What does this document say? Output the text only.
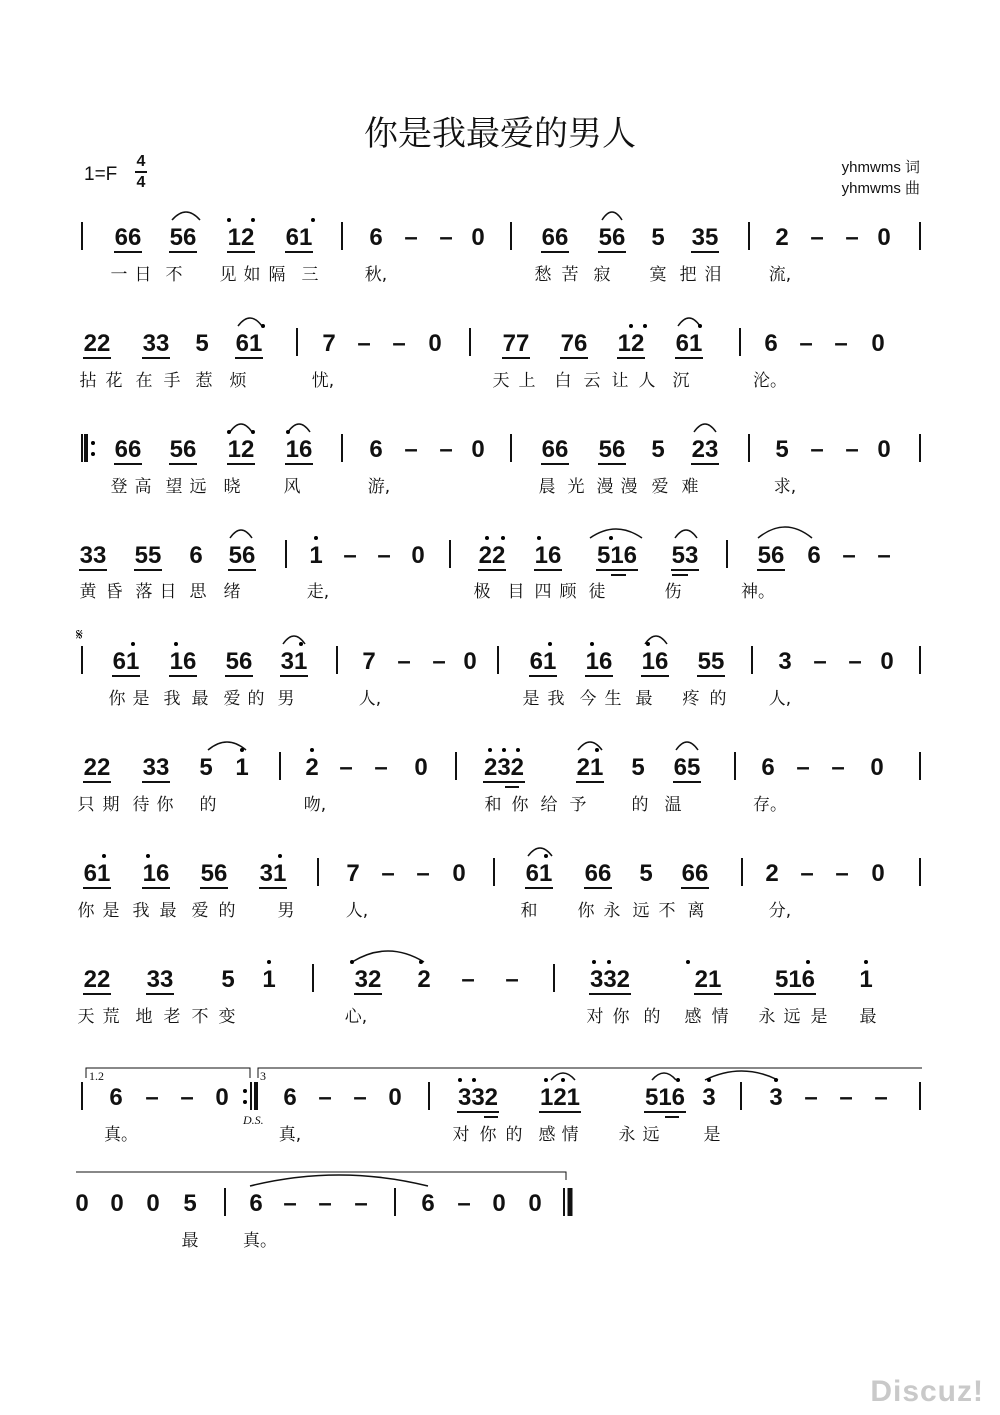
你是我最爱的男人
1=F
4
4
yhmwms 词
yhmwms 曲
1.2	3
D.S.
𝄋
66 56 12 61 6 – – 0 66 56 5 35 2 – – 0
22 33 5 61 7 – – 0	77 76 12 61	6 – – 0
66 56 12 16 6 – – 0 66 56 5 23 5 – – 0
33 55 6 56 1 – – 0 22 16 516 53 56 6 – –
61 16 56 31 7 – – 0 61 16 16 55 3 – – 0
22 33 5 1 2 – – 0 232 21 5 65	6 – – 0
61 16 56 31 7 – – 0 61 66 5 66 2 – – 0
22 33 5 1	32 2 – –	332	21 516 1
6 – – 0 6 – – 0 332 121	516 3 3 – – –
0 0 0 5 6 – – – 6 – 0 0
一 日 不 见 如 隔 三	秋,	愁 苦 寂 寞 把 泪	流,
拈 花 在 手 惹 烦	忧,	天 上 白 云 让 人 沉	沦。
登 高 望 远 晓	风	游,	晨 光 漫 漫 爱 难	求,
黄 昏 落 日 思 绪	走,	极 目 四 顾 徒	伤	神。
你 是 我 最 爱 的 男	人,	是 我 今 生 最 疼 的 人,
只 期 待 你 的	吻,	和 你 给 予	的 温	存。
你 是 我 最 爱 的 男	人,	和 你 永 远 不 离	分,
天 荒 地 老 不 变	心,	对 你 的 感 情 永 远 是 最
真。	真,	对 你 的 感 情 永 远	是
最	真。
Discuz!
